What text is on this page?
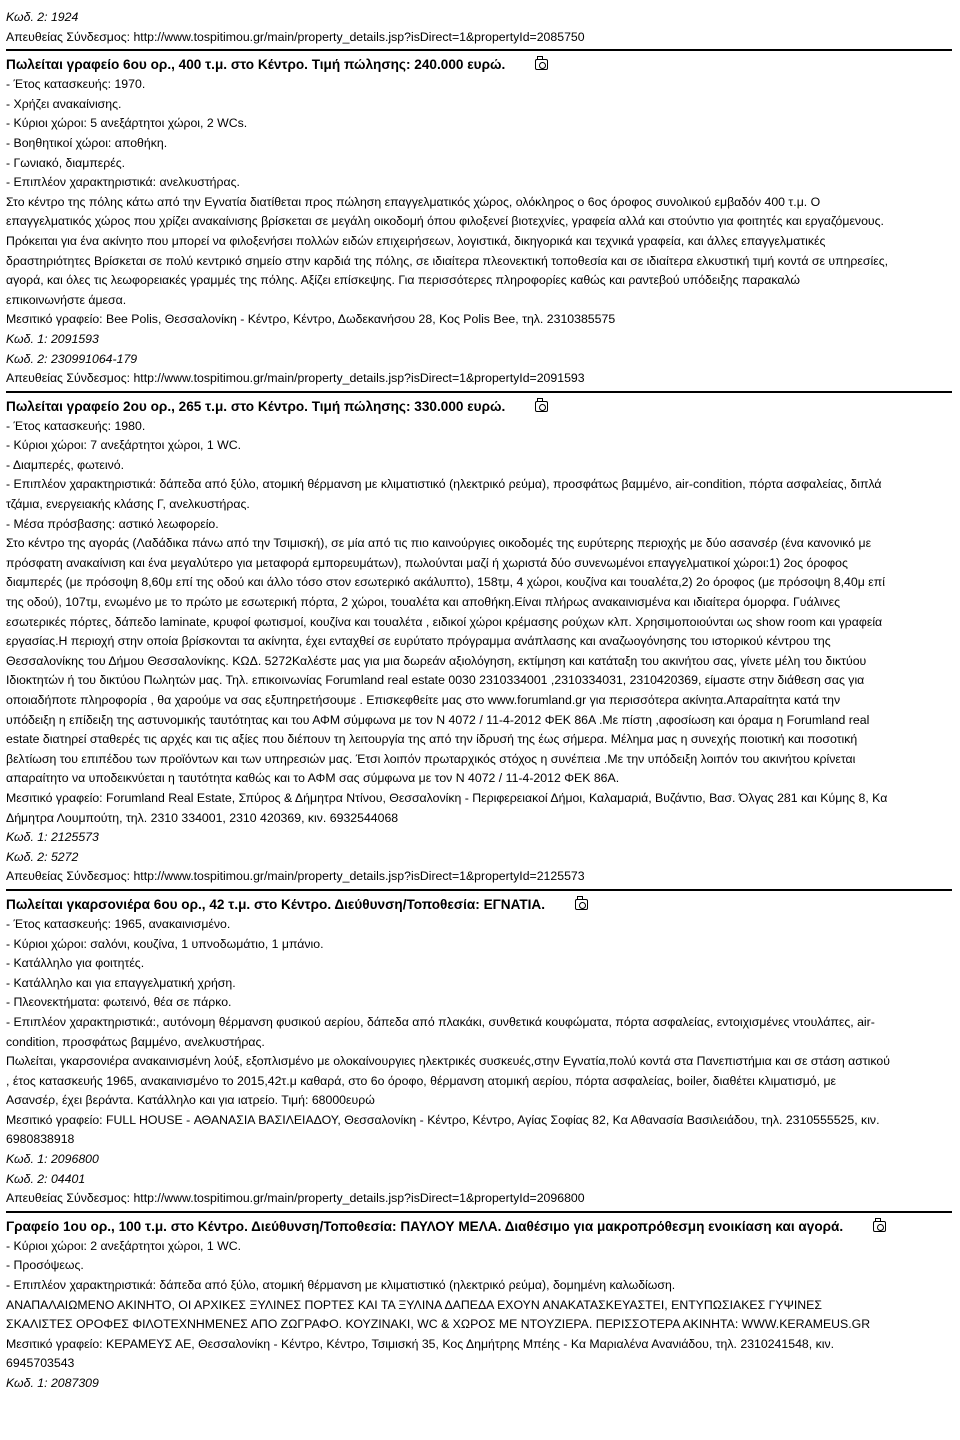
Κωδ. 2: 1924
Απευθείας Σύνδεσμος: http://www.tospitimou.gr/main/property_details.jsp?isDirect=1&propertyId=2085750
Πωλείται γραφείο 6ου ορ., 400 τ.μ. στο Κέντρο. Τιμή πώλησης: 240.000 ευρώ.
- Έτος κατασκευής: 1970.
- Χρήζει ανακαίνισης.
- Κύριοι χώροι: 5 ανεξάρτητοι χώροι, 2 WCs.
- Βοηθητικοί χώροι: αποθήκη.
- Γωνιακό, διαμπερές.
- Επιπλέον χαρακτηριστικά: ανελκυστήρας.
Στο κέντρο της πόλης κάτω από την Εγνατία διατίθεται προς πώληση επαγγελματικός χώρος, ολόκληρος ο 6ος όροφος συνολικού εμβαδόν 400 τ.μ. Ο
επαγγελματικός χώρος που χρίζει ανακαίνισης βρίσκεται σε μεγάλη οικοδομή όπου φιλοξενεί βιοτεχνίες, γραφεία αλλά και στούντιο για φοιτητές και εργαζόμενους.
Πρόκειται για ένα ακίνητο που μπορεί να φιλοξενήσει πολλών ειδών επιχειρήσεων, λογιστικά, δικηγορικά και τεχνικά γραφεία, και άλλες επαγγελματικές
δραστηριότητες Βρίσκεται σε πολύ κεντρικό σημείο στην καρδιά της πόλης, σε ιδιαίτερα πλεονεκτική τοποθεσία και σε ιδιαίτερα ελκυστική τιμή κοντά σε υπηρεσίες,
αγορά, και όλες τις λεωφορειακές γραμμές της πόλης. Αξίζει επίσκεψης. Για περισσότερες πληροφορίες καθώς και ραντεβού υπόδειξης παρακαλώ
επικοινωνήστε άμεσα.
Μεσιτικό γραφείο: Bee Polis, Θεσσαλονίκη - Κέντρο, Κέντρο, Δωδεκανήσου 28, Κος Polis Bee, τηλ. 2310385575
Κωδ. 1: 2091593
Κωδ. 2: 230991064-179
Απευθείας Σύνδεσμος: http://www.tospitimou.gr/main/property_details.jsp?isDirect=1&propertyId=2091593
Πωλείται γραφείο 2ου ορ., 265 τ.μ. στο Κέντρο. Τιμή πώλησης: 330.000 ευρώ.
- Έτος κατασκευής: 1980.
- Κύριοι χώροι: 7 ανεξάρτητοι χώροι, 1 WC.
- Διαμπερές, φωτεινό.
- Επιπλέον χαρακτηριστικά: δάπεδα από ξύλο, ατομική θέρμανση με κλιματιστικό (ηλεκτρικό ρεύμα), προσφάτως βαμμένο, air-condition, πόρτα ασφαλείας, διπλά
τζάμια, ενεργειακής κλάσης Γ, ανελκυστήρας.
- Μέσα πρόσβασης: αστικό λεωφορείο.
Στο κέντρο της αγοράς (Λαδάδικα πάνω από την Τσιμισκή), σε μία από τις πιο καινούργιες οικοδομές της ευρύτερης περιοχής με δύο ασανσέρ (ένα κανονικό με
πρόσφατη ανακαίνιση και ένα μεγαλύτερο για μεταφορά εμπορευμάτων), πωλούνται μαζί ή χωριστά δύο συνενωμένοι επαγγελματικοί χώροι:1) 2ος όροφος
διαμπερές (με πρόσοψη 8,60μ επί της οδού και άλλο τόσο στον εσωτερικό ακάλυπτο), 158τμ, 4 χώροι, κουζίνα και τουαλέτα,2) 2ο όροφος (με πρόσοψη 8,40μ επί
της οδού), 107τμ, ενωμένο με το πρώτο με εσωτερική πόρτα, 2 χώροι, τουαλέτα και αποθήκη.Είναι πλήρως ανακαινισμένα και ιδιαίτερα όμορφα. Γυάλινες
εσωτερικές πόρτες, δάπεδο laminate, κρυφοί φωτισμοί, κουζίνα και τουαλέτα , ειδικοί χώροι κρέμασης ρούχων κλπ. Χρησιμοποιούνται ως show room και γραφεία
εργασίας.Η περιοχή στην οποία βρίσκονται τα ακίνητα, έχει ενταχθεί σε ευρύτατο πρόγραμμα ανάπλασης και αναζωογόνησης του ιστορικού κέντρου της
Θεσσαλονίκης του Δήμου Θεσσαλονίκης. ΚΩΔ. 5272Καλέστε μας για μια δωρεάν αξιολόγηση, εκτίμηση και κατάταξη του ακινήτου σας, γίνετε μέλη του δικτύου
Ιδιοκτητών ή του δικτύου Πωλητών μας. Τηλ. επικοινωνίας Forumland real estate 0030 2310334001 ,2310334031, 2310420369, είμαστε στην διάθεση σας για
οποιαδήποτε πληροφορία , θα χαρούμε να σας εξυπηρετήσουμε . Επισκεφθείτε μας στο www.forumland.gr για περισσότερα ακίνητα.Απαραίτητα κατά την
υπόδειξη η επίδειξη της αστυνομικής ταυτότητας και του ΑΦΜ σύμφωνα με τον Ν 4072 / 11-4-2012 ΦΕΚ 86Α .Με πίστη ,αφοσίωση και όραμα η Forumland real
estate διατηρεί σταθερές τις αρχές και τις αξίες που διέπουν τη λειτουργία της από την ίδρυσή της έως σήμερα. Μέλημα μας η συνεχής ποιοτική και ποσοτική
βελτίωση του επιπέδου των προϊόντων και των υπηρεσιών μας. Έτσι λοιπόν πρωταρχικός στόχος η συνέπεια .Με την υπόδειξη λοιπόν του ακινήτου κρίνεται
απαραίτητο να υποδεικνύεται η ταυτότητα καθώς και το ΑΦΜ σας σύμφωνα με τον Ν 4072 / 11-4-2012 ΦΕΚ 86Α.
Μεσιτικό γραφείο: Forumland Real Estate, Σπύρος & Δήμητρα Ντίνου, Θεσσαλονίκη - Περιφερειακοί Δήμοι, Καλαμαριά, Βυζάντιο, Βασ. Όλγας 281 και Κύμης 8, Κα
Δήμητρα Λουμπούτη, τηλ. 2310 334001, 2310 420369, κιν. 6932544068
Κωδ. 1: 2125573
Κωδ. 2: 5272
Απευθείας Σύνδεσμος: http://www.tospitimou.gr/main/property_details.jsp?isDirect=1&propertyId=2125573
Πωλείται γκαρσονιέρα 6ου ορ., 42 τ.μ. στο Κέντρο. Διεύθυνση/Τοποθεσία: ΕΓΝΑΤΙΑ.
- Έτος κατασκευής: 1965, ανακαινισμένο.
- Κύριοι χώροι: σαλόνι, κουζίνα, 1 υπνοδωμάτιο, 1 μπάνιο.
- Κατάλληλο για φοιτητές.
- Κατάλληλο και για επαγγελματική χρήση.
- Πλεονεκτήματα: φωτεινό, θέα σε πάρκο.
- Επιπλέον χαρακτηριστικά:, αυτόνομη θέρμανση φυσικού αερίου, δάπεδα από πλακάκι, συνθετικά κουφώματα, πόρτα ασφαλείας, εντοιχισμένες ντουλάπες, air-
condition, προσφάτως βαμμένο, ανελκυστήρας.
Πωλείται, γκαρσονιέρα ανακαινισμένη λούξ, εξοπλισμένο με ολοκαίνουργιες ηλεκτρικές συσκευές,στην Εγνατία,πολύ κοντά στα Πανεπιστήμια και σε στάση αστικού
, έτος κατασκευής 1965, ανακαινισμένο το 2015,42τ.μ καθαρά, στο 6ο όροφο, θέρμανση ατομική αερίου, πόρτα ασφαλείας, boiler, διαθέτει κλιματισμό, με
Ασανσέρ, έχει βεράντα. Κατάλληλο και για ιατρείο. Τιμή: 68000ευρώ
Μεσιτικό γραφείο: FULL HOUSE - ΑΘΑΝΑΣΙΑ ΒΑΣΙΛΕΙΑΔΟΥ, Θεσσαλονίκη - Κέντρο, Κέντρο, Αγίας Σοφίας 82, Κα Αθανασία Βασιλειάδου, τηλ. 2310555525, κιν.
6980838918
Κωδ. 1: 2096800
Κωδ. 2: 04401
Απευθείας Σύνδεσμος: http://www.tospitimou.gr/main/property_details.jsp?isDirect=1&propertyId=2096800
Γραφείο 1ου ορ., 100 τ.μ. στο Κέντρο. Διεύθυνση/Τοποθεσία: ΠΑΥΛΟΥ ΜΕΛΑ. Διαθέσιμο για μακροπρόθεσμη ενοικίαση και αγορά.
- Κύριοι χώροι: 2 ανεξάρτητοι χώροι, 1 WC.
- Προσόψεως.
- Επιπλέον χαρακτηριστικά: δάπεδα από ξύλο, ατομική θέρμανση με κλιματιστικό (ηλεκτρικό ρεύμα), δομημένη καλωδίωση.
ΑΝΑΠΑΛΑΙΩΜΕΝΟ ΑΚΙΝΗΤΟ, ΟΙ ΑΡΧΙΚΕΣ ΞΥΛΙΝΕΣ ΠΟΡΤΕΣ ΚΑΙ ΤΑ ΞΥΛΙΝΑ ΔΑΠΕΔΑ ΕΧΟΥΝ ΑΝΑΚΑΤΑΣΚΕΥΑΣΤΕΙ, ΕΝΤΥΠΩΣΙΑΚΕΣ ΓΥΨΙΝΕΣ
ΣΚΑΛΙΣΤΕΣ ΟΡΟΦΕΣ ΦΙΛΟΤΕΧΝΗΜΕΝΕΣ ΑΠΟ ΖΩΓΡΑΦΟ. ΚΟΥΖΙΝΑΚΙ, WC & ΧΩΡΟΣ ΜΕ ΝΤΟΥΖΙΕΡΑ. ΠΕΡΙΣΣΟΤΕΡΑ ΑΚΙΝΗΤΑ: WWW.KERAMEUS.GR
Μεσιτικό γραφείο: ΚΕΡΑΜΕΥΣ ΑΕ, Θεσσαλονίκη - Κέντρο, Κέντρο, Τσιμισκή 35, Κος Δημήτρης Μπέης - Κα Μαριαλένα Ανανιάδου, τηλ. 2310241548, κιν.
6945703543
Κωδ. 1: 2087309
